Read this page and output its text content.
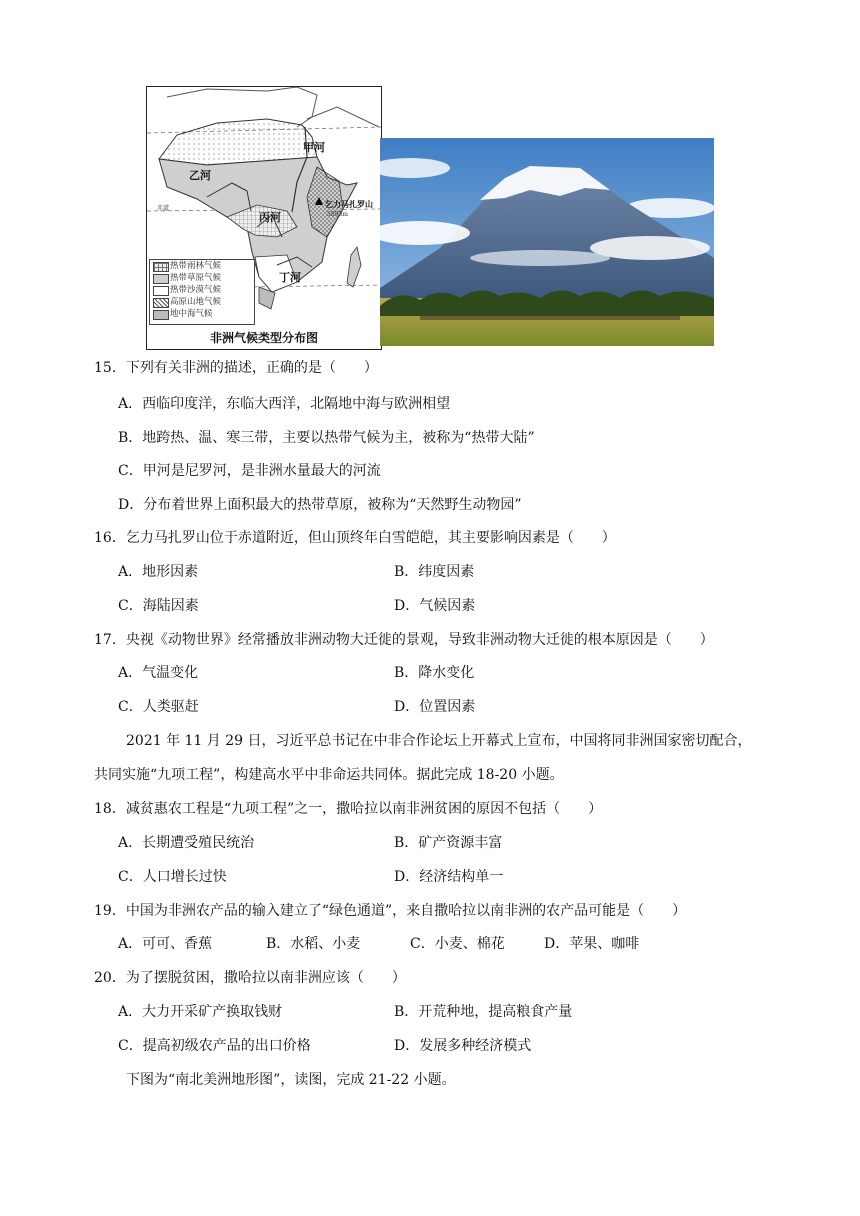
甲河
乙河
丙河
丁河
乞力马扎罗山
5895m
赤道
热带雨林气候
热带草原气候
热带沙漠气候
高原山地气候
地中海气候
非洲气候类型分布图
15．下列有关非洲的描述，正确的是（　　）
A．西临印度洋，东临大西洋，北隔地中海与欧洲相望
B．地跨热、温、寒三带，主要以热带气候为主，被称为“热带大陆”
C．甲河是尼罗河，是非洲水量最大的河流
D．分布着世界上面积最大的热带草原，被称为“天然野生动物园”
16．乞力马扎罗山位于赤道附近，但山顶终年白雪皑皑，其主要影响因素是（　　）
A．地形因素	B．纬度因素
C．海陆因素	D．气候因素
17．央视《动物世界》经常播放非洲动物大迁徙的景观，导致非洲动物大迁徙的根本原因是（　　）
A．气温变化	B．降水变化
C．人类驱赶	D．位置因素
2021 年 11 月 29 日，习近平总书记在中非合作论坛上开幕式上宣布，中国将同非洲国家密切配合，
共同实施“九项工程”，构建高水平中非命运共同体。据此完成 18-20 小题。
18．减贫惠农工程是“九项工程”之一，撒哈拉以南非洲贫困的原因不包括（　　）
A．长期遭受殖民统治	B．矿产资源丰富
C．人口增长过快	D．经济结构单一
19．中国为非洲农产品的输入建立了“绿色通道”，来自撒哈拉以南非洲的农产品可能是（　　）
A．可可、香蕉	B．水稻、小麦	C．小麦、棉花	D．苹果、咖啡
20．为了摆脱贫困，撒哈拉以南非洲应该（　　）
A．大力开采矿产换取钱财	B．开荒种地，提高粮食产量
C．提高初级农产品的出口价格	D．发展多种经济模式
下图为“南北美洲地形图”，读图，完成 21-22 小题。
